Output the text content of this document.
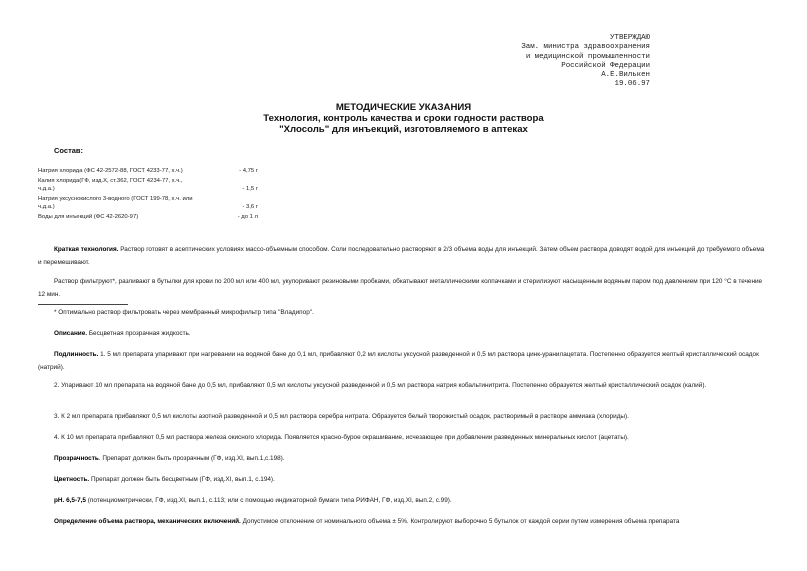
УТВЕРЖДАЮ
Зам. министра здравоохранения
и медицинской промышленности
Российской Федерации
А.Е.Вилькен
19.06.97
МЕТОДИЧЕСКИЕ УКАЗАНИЯ
Технология, контроль качества и сроки годности раствора
"Хлосоль" для инъекций, изготовляемого в аптеках
Состав:
Натрия хлорида (ФС 42-2572-88, ГОСТ 4233-77, х.ч.)	- 4,75 г
Калия хлорида(ГФ, изд.X, ст.362, ГОСТ 4234-77, х.ч., ч.д.а.)	- 1,5 г
Натрия уксуснокислого 3-водного (ГОСТ 199-78, х.ч. или ч.д.а.)	- 3,6 г
Воды для инъекций (ФС 42-2620-97)	- до 1 л
Краткая технология. Раствор готовят в асептических условиях массо-объемным способом. Соли последовательно растворяют в 2/3 объема воды для инъекций. Затем объем раствора доводят водой для инъекций до требуемого объема и перемешивают.
Раствор фильтруют*, разливают в бутылки для крови по 200 мл или 400 мл, укупоривают резиновыми пробками, обкатывают металлическими колпачками и стерилизуют насыщенным водяным паром под давлением при 120 °С в течение 12 мин.
* Оптимально раствор фильтровать через мембранный микрофильтр типа "Владипор".
Описание. Бесцветная прозрачная жидкость.
Подлинность. 1. 5 мл препарата упаривают при нагревании на водяной бане до 0,1 мл, прибавляют 0,2 мл кислоты уксусной разведенной и 0,5 мл раствора цинк-уранилацетата. Постепенно образуется желтый кристаллический осадок (натрий).
2. Упаривают 10 мл препарата на водяной бане до 0,5 мл, прибавляют 0,5 мл кислоты уксусной разведенной и 0,5 мл раствора натрия кобальтинитрита. Постепенно образуется желтый кристаллический осадок (калий).
3. К 2 мл препарата прибавляют 0,5 мл кислоты азотной разведенной и 0,5 мл раствора серебра нитрата. Образуется белый творожистый осадок, растворимый в растворе аммиака (хлориды).
4. К 10 мл препарата прибавляют 0,5 мл раствора железа окисного хлорида. Появляется красно-бурое окрашивание, исчезающее при добавлении разведенных минеральных кислот (ацетаты).
Прозрачность. Препарат должен быть прозрачным (ГФ, изд.XI, вып.1,с.198).
Цветность. Препарат должен быть бесцветным (ГФ, изд.XI, вып.1, с.194).
pH. 6,5-7,5 (потенциометрически, ГФ, изд.XI, вып.1, с.113; или с помощью индикаторной бумаги типа РИФАН, ГФ, изд.XI, вып.2, с.99).
Определение объема раствора, механических включений. Допустимое отклонение от номинального объема ± 5%. Контролируют выборочно 5 бутылок от каждой серии путем измерения объема препарата
